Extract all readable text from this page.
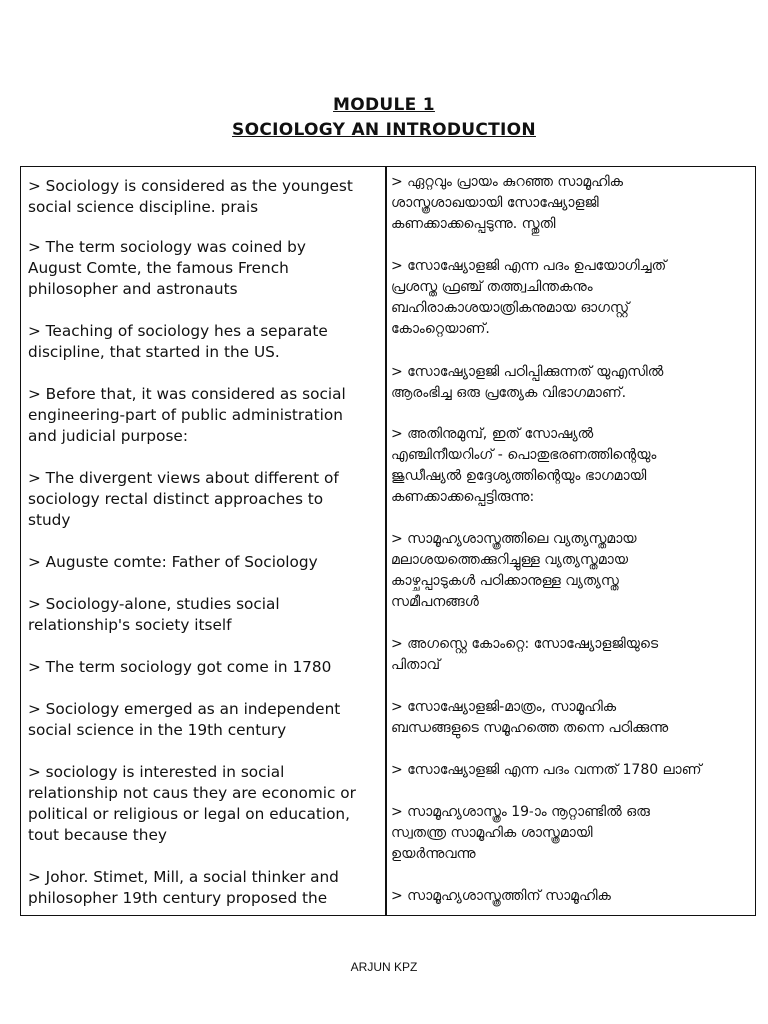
MODULE 1
SOCIOLOGY AN INTRODUCTION
> Sociology is considered as the youngest
social science discipline. prais
> The term sociology was coined by
August Comte, the famous French
philosopher and astronauts
> Teaching of sociology hes a separate
discipline, that started in the US.
> Before that, it was considered as social
engineering-part of public administration
and judicial purpose:
> The divergent views about different of
sociology rectal distinct approaches to
study
> Auguste comte: Father of Sociology
> Sociology-alone, studies social
relationship's society itself
> The term sociology got come in 1780
> Sociology emerged as an independent
social science in the 19th century
> sociology is interested in social
relationship not caus they are economic or
political or religious or legal on education,
tout because they
> Johor. Stimet, Mill, a social thinker and
philosopher 19th century proposed the
> ഏറ്റവും പ്രായം കുറഞ്ഞ സാമൂഹിക
ശാസ്ത്രശാഖയായി സോഷ്യോളജി
കണക്കാക്കപ്പെടുന്നു. സ്തുതി
> സോഷ്യോളജി എന്ന പദം ഉപയോഗിച്ചത്
പ്രശസ്ത ഫ്രഞ്ച് തത്ത്വചിന്തകനും
ബഹിരാകാശയാത്രികനുമായ ഓഗസ്റ്റ്
കോംറ്റെയാണ്.
> സോഷ്യോളജി പഠിപ്പിക്കുന്നത് യുഎസിൽ
ആരംഭിച്ച ഒരു പ്രത്യേക വിഭാഗമാണ്.
> അതിനുമുമ്പ്, ഇത് സോഷ്യൽ
എഞ്ചിനീയറിംഗ് - പൊതുഭരണത്തിന്റെയും
ജുഡീഷ്യൽ ഉദ്ദേശ്യത്തിന്റെയും ഭാഗമായി
കണക്കാക്കപ്പെട്ടിരുന്നു:
> സാമൂഹ്യശാസ്ത്രത്തിലെ വ്യത്യസ്തമായ
മലാശയത്തെക്കുറിച്ചുള്ള വ്യത്യസ്തമായ
കാഴ്ചപ്പാടുകൾ പഠിക്കാനുള്ള വ്യത്യസ്ത
സമീപനങ്ങൾ
> അഗസ്റ്റെ കോംറ്റെ: സോഷ്യോളജിയുടെ
പിതാവ്
> സോഷ്യോളജി-മാത്രം, സാമൂഹിക
ബന്ധങ്ങളുടെ സമൂഹത്തെ തന്നെ പഠിക്കുന്നു
> സോഷ്യോളജി എന്ന പദം വന്നത് 1780 ലാണ്
> സാമൂഹ്യശാസ്ത്രം 19-ാം നൂറ്റാണ്ടിൽ ഒരു
സ്വതന്ത്ര സാമൂഹിക ശാസ്ത്രമായി
ഉയർന്നുവന്നു
> സാമൂഹ്യശാസ്ത്രത്തിന് സാമൂഹിക
ARJUN KPZ
